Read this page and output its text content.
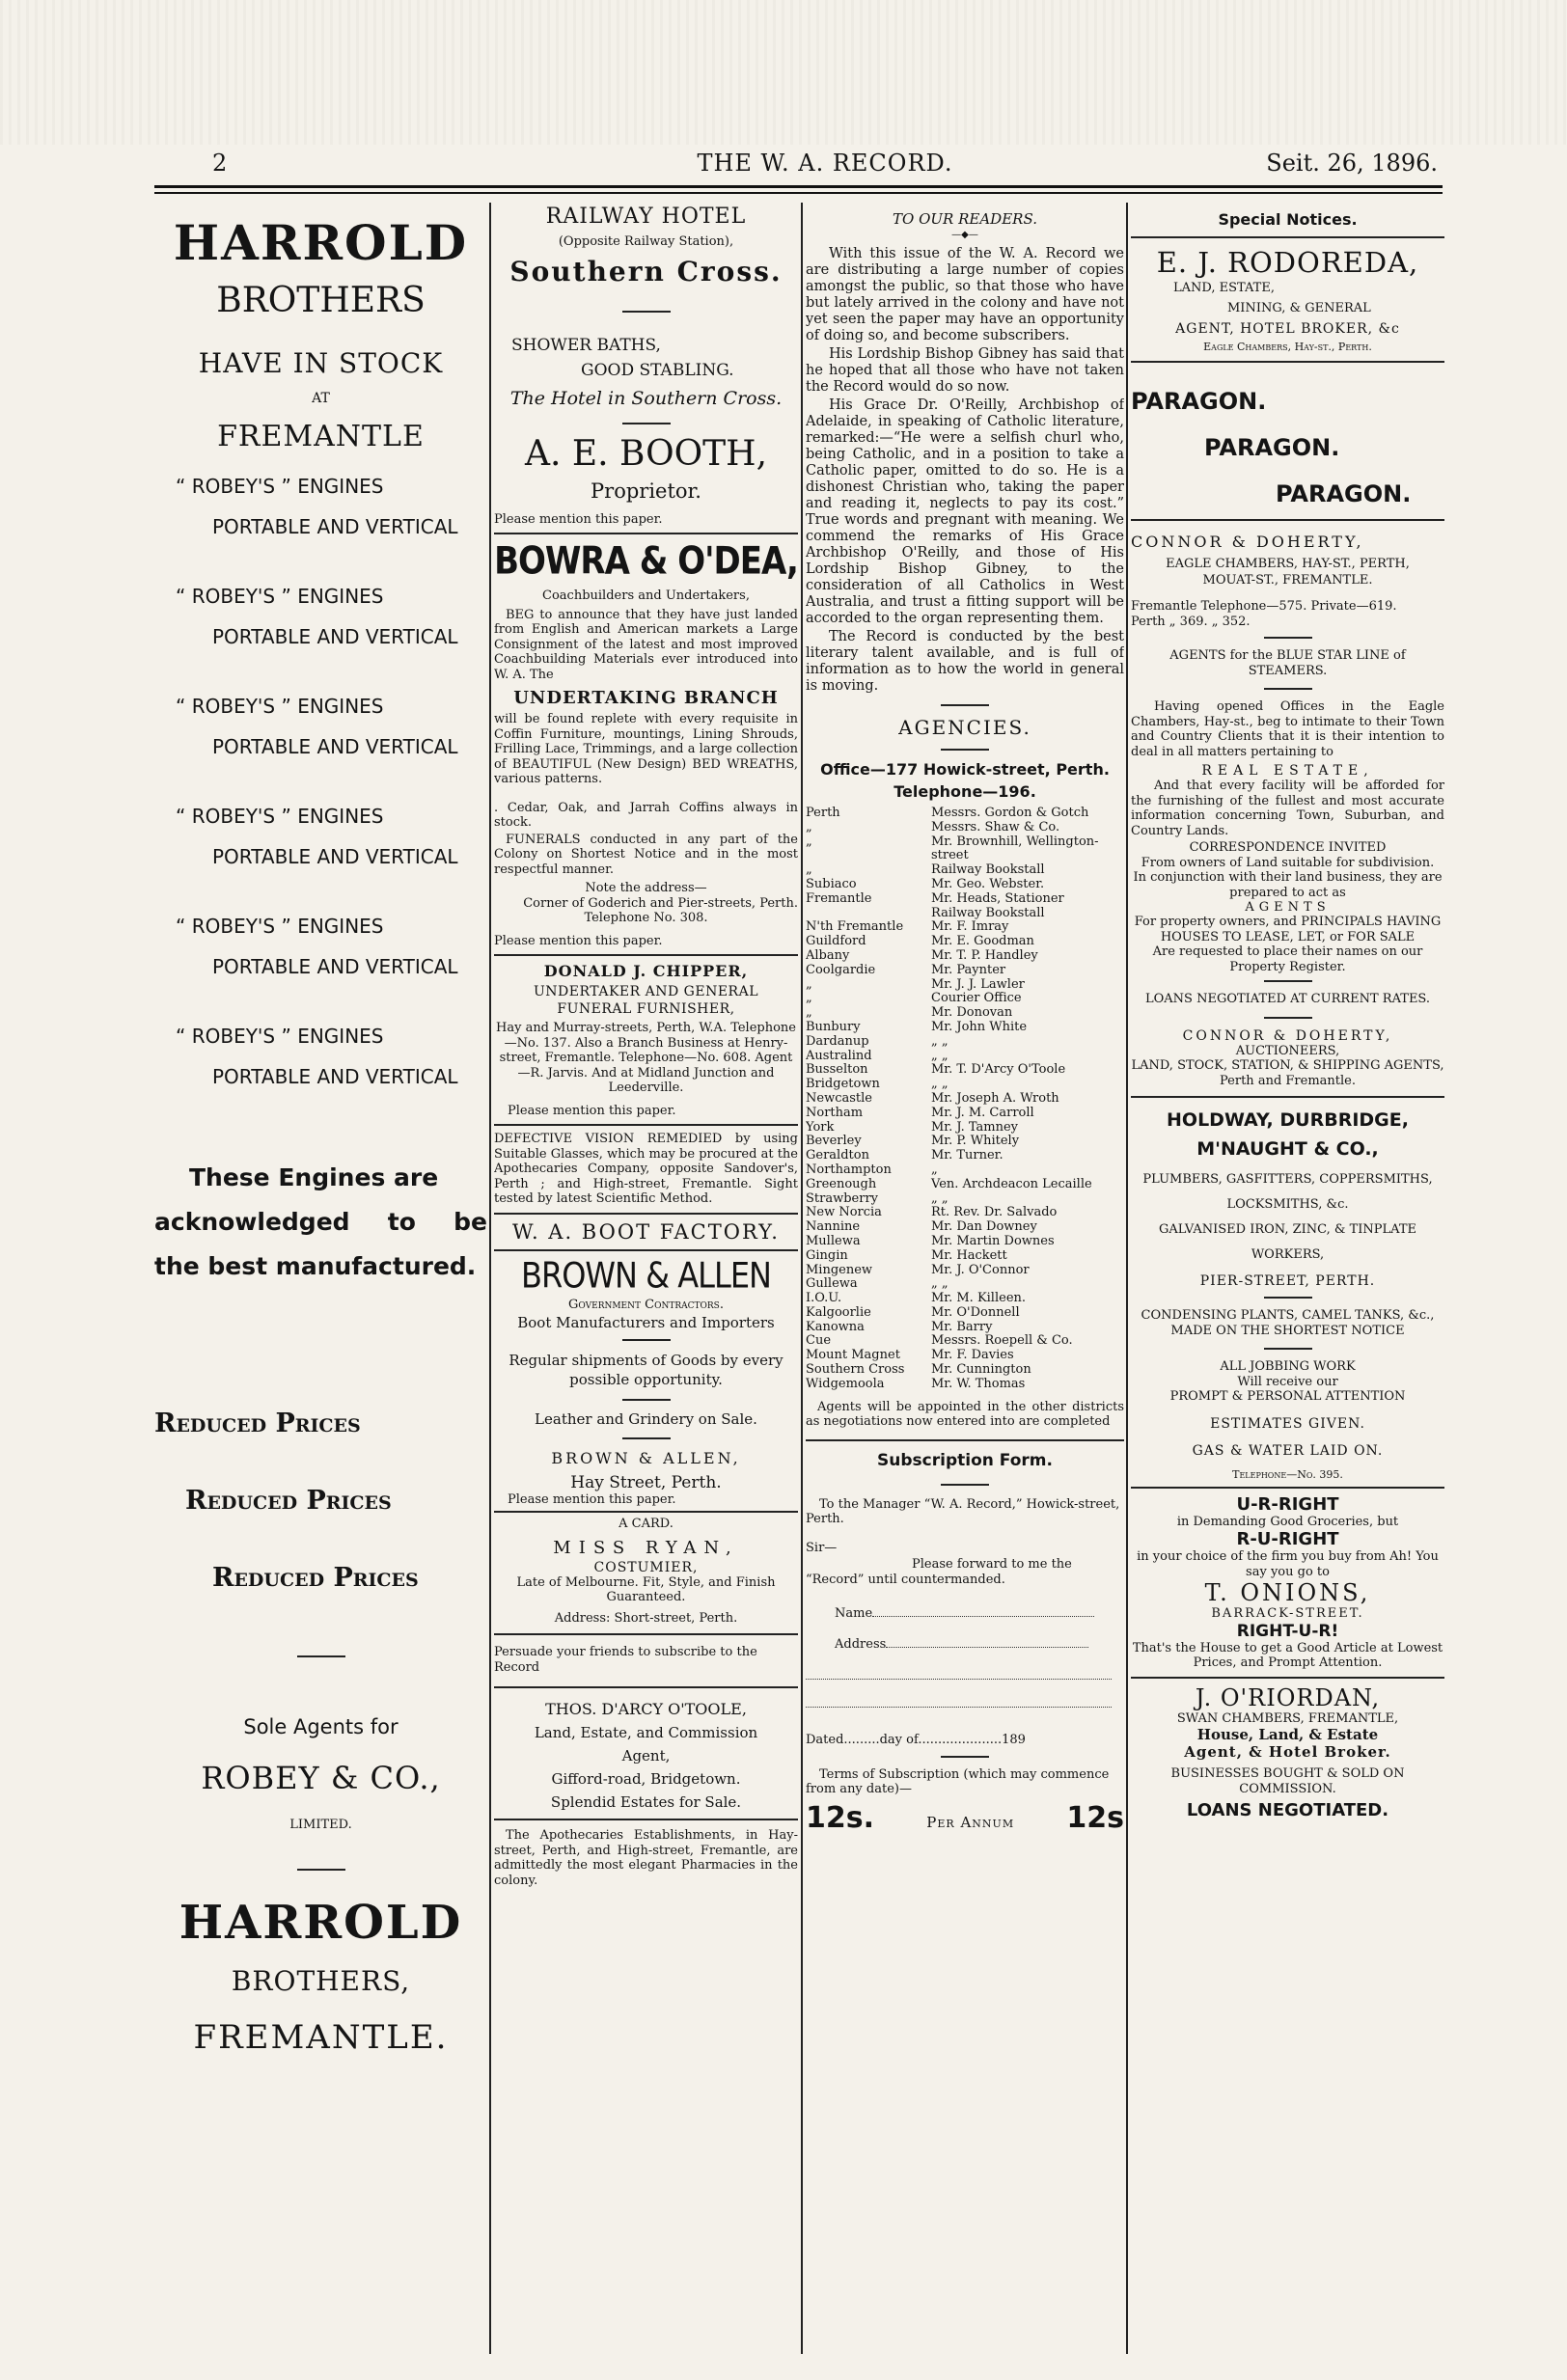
2	THE W. A. RECORD.	Seit. 26, 1896.
HARROLD
BROTHERS
HAVE IN STOCK
AT
FREMANTLE
“ ROBEY'S ” ENGINES
PORTABLE AND VERTICAL
“ ROBEY'S ” ENGINES
PORTABLE AND VERTICAL
“ ROBEY'S ” ENGINES
PORTABLE AND VERTICAL
“ ROBEY'S ” ENGINES
PORTABLE AND VERTICAL
“ ROBEY'S ” ENGINES
PORTABLE AND VERTICAL
“ ROBEY'S ” ENGINES
PORTABLE AND VERTICAL
These Engines are
acknowledged to be
the best manufactured.
Reduced Prices
Reduced Prices
Reduced Prices
Sole Agents for
ROBEY & CO.,
LIMITED.
HARROLD
BROTHERS,
FREMANTLE.
RAILWAY HOTEL
(Opposite Railway Station),
Southern Cross.
SHOWER BATHS,
GOOD STABLING.
The Hotel in Southern Cross.
A. E. BOOTH,
Proprietor.
Please mention this paper.
BOWRA & O'DEA,
Coachbuilders and Undertakers,

BEG to announce that they have just landed from English and American markets a Large Consignment of the latest and most improved Coachbuilding Materials ever introduced into W. A. The

UNDERTAKING BRANCH

will be found replete with every requisite in Coffin Furniture, mountings, Lining Shrouds, Frilling Lace, Trimmings, and a large collection of BEAUTIFUL (New Design) BED WREATHS, various patterns.

. Cedar, Oak, and Jarrah Coffins always in stock.

FUNERALS conducted in any part of the Colony on Shortest Notice and in the most respectful manner.

Note the address—
Corner of Goderich and Pier-streets, Perth.
Telephone No. 308.
Please mention this paper.
DONALD J. CHIPPER,
UNDERTAKER AND GENERAL
FUNERAL FURNISHER,

Hay and Murray-streets, Perth, W.A. Telephone—No. 137. Also a Branch Business at Henry-street, Fremantle. Telephone—No. 608. Agent—R. Jarvis. And at Midland Junction and Leederville.

Please mention this paper.

DEFECTIVE VISION REMEDIED by using Suitable Glasses, which may be procured at the Apothecaries Company, opposite Sandover's, Perth ; and High-street, Fremantle. Sight tested by latest Scientific Method.

W. A. BOOT FACTORY.
BROWN & ALLEN
Government Contractors.
Boot Manufacturers and Importers

Regular shipments of Goods by every possible opportunity.

Leather and Grindery on Sale.
BROWN & ALLEN,
Hay Street, Perth.
Please mention this paper.
A CARD.
MISS RYAN,
COSTUMIER,

Late of Melbourne. Fit, Style, and Finish Guaranteed.

Address: Short-street, Perth.

Persuade your friends to subscribe to the Record

THOS. D'ARCY O'TOOLE,
Land, Estate, and Commission
Agent,
Gifford-road, Bridgetown.
Splendid Estates for Sale.

The Apothecaries Establishments, in Hay-street, Perth, and High-street, Fremantle, are admittedly the most elegant Pharmacies in the colony.

TO OUR READERS.
—◆—

With this issue of the W. A. Record we are distributing a large number of copies amongst the public, so that those who have but lately arrived in the colony and have not yet seen the paper may have an opportunity of doing so, and become subscribers.

His Lordship Bishop Gibney has said that he hoped that all those who have not taken the Record would do so now.

His Grace Dr. O'Reilly, Archbishop of Adelaide, in speaking of Catholic literature, remarked:—“He were a selfish churl who, being Catholic, and in a position to take a Catholic paper, omitted to do so. He is a dishonest Christian who, taking the paper and reading it, neglects to pay its cost.” True words and pregnant with meaning. We commend the remarks of His Grace Archbishop O'Reilly, and those of His Lordship Bishop Gibney, to the consideration of all Catholics in West Australia, and trust a fitting support will be accorded to the organ representing them.

The Record is conducted by the best literary talent available, and is full of information as to how the world in general is moving.

AGENCIES.
Office—177 Howick-street, Perth.
Telephone—196.
Perth	Messrs. Gordon & Gotch
„	Messrs. Shaw & Co.
„	Mr. Brownhill, Wellington-street
„	Railway Bookstall
Subiaco	Mr. Geo. Webster.
Fremantle	Mr. Heads, Stationer
Railway Bookstall
N'th Fremantle	Mr. F. Imray
Guildford	Mr. E. Goodman
Albany	Mr. T. P. Handley
Coolgardie	Mr. Paynter
„	Mr. J. J. Lawler
„	Courier Office
„	Mr. Donovan
Bunbury	Mr. John White
Dardanup	„ „
Australind	„ „
Busselton	Mr. T. D'Arcy O'Toole
Bridgetown	„ „
Newcastle	Mr. Joseph A. Wroth
Northam	Mr. J. M. Carroll
York	Mr. J. Tamney
Beverley	Mr. P. Whitely
Geraldton	Mr. Turner.
Northampton	„
Greenough	Ven. Archdeacon Lecaille
Strawberry	„ „
New Norcia	Rt. Rev. Dr. Salvado
Nannine	Mr. Dan Downey
Mullewa	Mr. Martin Downes
Gingin	Mr. Hackett
Mingenew	Mr. J. O'Connor
Gullewa	„ „
I.O.U.	Mr. M. Killeen.
Kalgoorlie	Mr. O'Donnell
Kanowna	Mr. Barry
Cue	Messrs. Roepell & Co.
Mount Magnet	Mr. F. Davies
Southern Cross	Mr. Cunnington
Widgemoola	Mr. W. Thomas

Agents will be appointed in the other districts as negotiations now entered into are completed

Subscription Form.

To the Manager “W. A. Record,” Howick-street, Perth.

Sir—

Please forward to me the “Record” until countermanded.

Name
Address
Dated.........day of.....................189

Terms of Subscription (which may commence from any date)—

12s.	Per Annum 12s
Special Notices.
E. J. RODOREDA,
LAND, ESTATE,
MINING, & GENERAL
AGENT, HOTEL BROKER, &c
Eagle Chambers, Hay-st., Perth.
PARAGON.
PARAGON.
PARAGON.
CONNOR & DOHERTY,
EAGLE CHAMBERS, HAY-ST., PERTH,
MOUAT-ST., FREMANTLE.
Fremantle Telephone—575. Private—619.
Perth „ 369. „ 352.

AGENTS for the BLUE STAR LINE of STEAMERS.

Having opened Offices in the Eagle Chambers, Hay-st., beg to intimate to their Town and Country Clients that it is their intention to deal in all matters pertaining to

REAL ESTATE,

And that every facility will be afforded for the furnishing of the fullest and most accurate information concerning Town, Suburban, and Country Lands.

CORRESPONDENCE INVITED

From owners of Land suitable for subdivision.

In conjunction with their land business, they are prepared to act as

AGENTS

For property owners, and PRINCIPALS HAVING HOUSES TO LEASE, LET, or FOR SALE

Are requested to place their names on our Property Register.

LOANS NEGOTIATED AT CURRENT RATES.

CONNOR & DOHERTY,
AUCTIONEERS,

LAND, STOCK, STATION, & SHIPPING AGENTS,

Perth and Fremantle.

HOLDWAY, DURBRIDGE, M'NAUGHT & CO.,

PLUMBERS, GASFITTERS, COPPERSMITHS, LOCKSMITHS, &c.

GALVANISED IRON, ZINC, & TINPLATE WORKERS,

PIER-STREET, PERTH.

CONDENSING PLANTS, CAMEL TANKS, &c., MADE ON THE SHORTEST NOTICE

ALL JOBBING WORK
Will receive our
PROMPT & PERSONAL ATTENTION
ESTIMATES GIVEN.
GAS & WATER LAID ON.
Telephone—No. 395.
U-R-RIGHT
in Demanding Good Groceries, but
R-U-RIGHT

in your choice of the firm you buy from Ah! You say you go to

T. ONIONS,
BARRACK-STREET.
RIGHT-U-R!

That's the House to get a Good Article at Lowest Prices, and Prompt Attention.

J. O'RIORDAN,
SWAN CHAMBERS, FREMANTLE,
House, Land, & Estate
Agent, & Hotel Broker.

BUSINESSES BOUGHT & SOLD ON COMMISSION.

LOANS NEGOTIATED.
